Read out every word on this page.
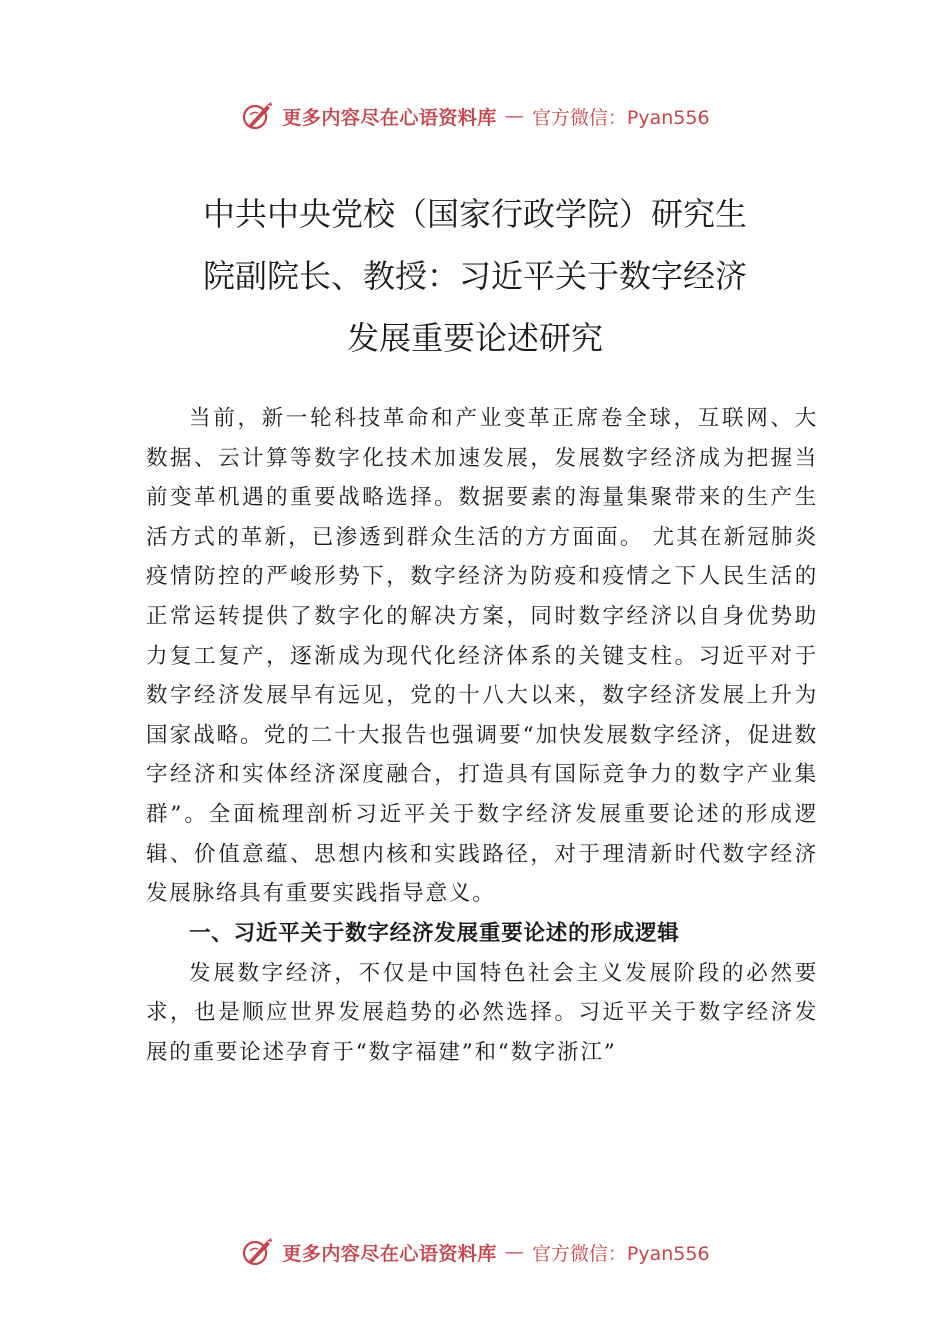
更多内容尽在心语资料库 — 官方微信：Pyan556
中共中央党校（国家行政学院）研究生
院副院长、教授：习近平关于数字经济
发展重要论述研究

当前，新一轮科技革命和产业变革正席卷全球，互联网、大数据、云计算等数字化技术加速发展，发展数字经济成为把握当前变革机遇的重要战略选择。数据要素的海量集聚带来的生产生活方式的革新，已渗透到群众生活的方方面面。 尤其在新冠肺炎疫情防控的严峻形势下，数字经济为防疫和疫情之下人民生活的正常运转提供了数字化的解决方案，同时数字经济以自身优势助力复工复产，逐渐成为现代化经济体系的关键支柱。习近平对于数字经济发展早有远见，党的十八大以来，数字经济发展上升为国家战略。党的二十大报告也强调要“加快发展数字经济，促进数字经济和实体经济深度融合，打造具有国际竞争力的数字产业集群”。全面梳理剖析习近平关于数字经济发展重要论述的形成逻辑、价值意蕴、思想内核和实践路径，对于理清新时代数字经济发展脉络具有重要实践指导意义。

一、习近平关于数字经济发展重要论述的形成逻辑

发展数字经济，不仅是中国特色社会主义发展阶段的必然要求，也是顺应世界发展趋势的必然选择。习近平关于数字经济发展的重要论述孕育于“数字福建”和“数字浙江”

更多内容尽在心语资料库 — 官方微信：Pyan556
